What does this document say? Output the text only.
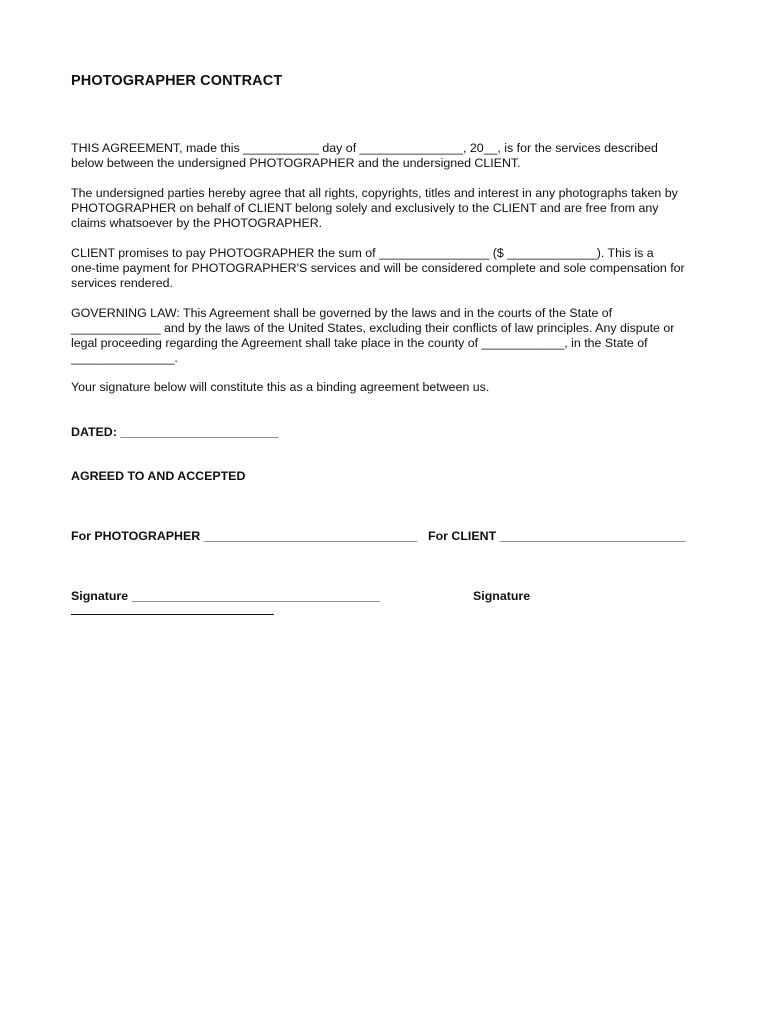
PHOTOGRAPHER CONTRACT

THIS AGREEMENT, made this ___________ day of _______________, 20__, is for the services described
below between the undersigned PHOTOGRAPHER and the undersigned CLIENT.

The undersigned parties hereby agree that all rights, copyrights, titles and interest in any photographs taken by
PHOTOGRAPHER on behalf of CLIENT belong solely and exclusively to the CLIENT and are free from any
claims whatsoever by the PHOTOGRAPHER.

CLIENT promises to pay PHOTOGRAPHER the sum of ________________ ($ _____________). This is a
one-time payment for PHOTOGRAPHER'S services and will be considered complete and sole compensation for
services rendered.

GOVERNING LAW: This Agreement shall be governed by the laws and in the courts of the State of
_____________ and by the laws of the United States, excluding their conflicts of law principles. Any dispute or
legal proceeding regarding the Agreement shall take place in the county of ____________, in the State of
_______________.

Your signature below will constitute this as a binding agreement between us.

DATED: _______________________

AGREED TO AND ACCEPTED

For PHOTOGRAPHER _______________________________ For CLIENT ___________________________

Signature ____________________________________	Signature
